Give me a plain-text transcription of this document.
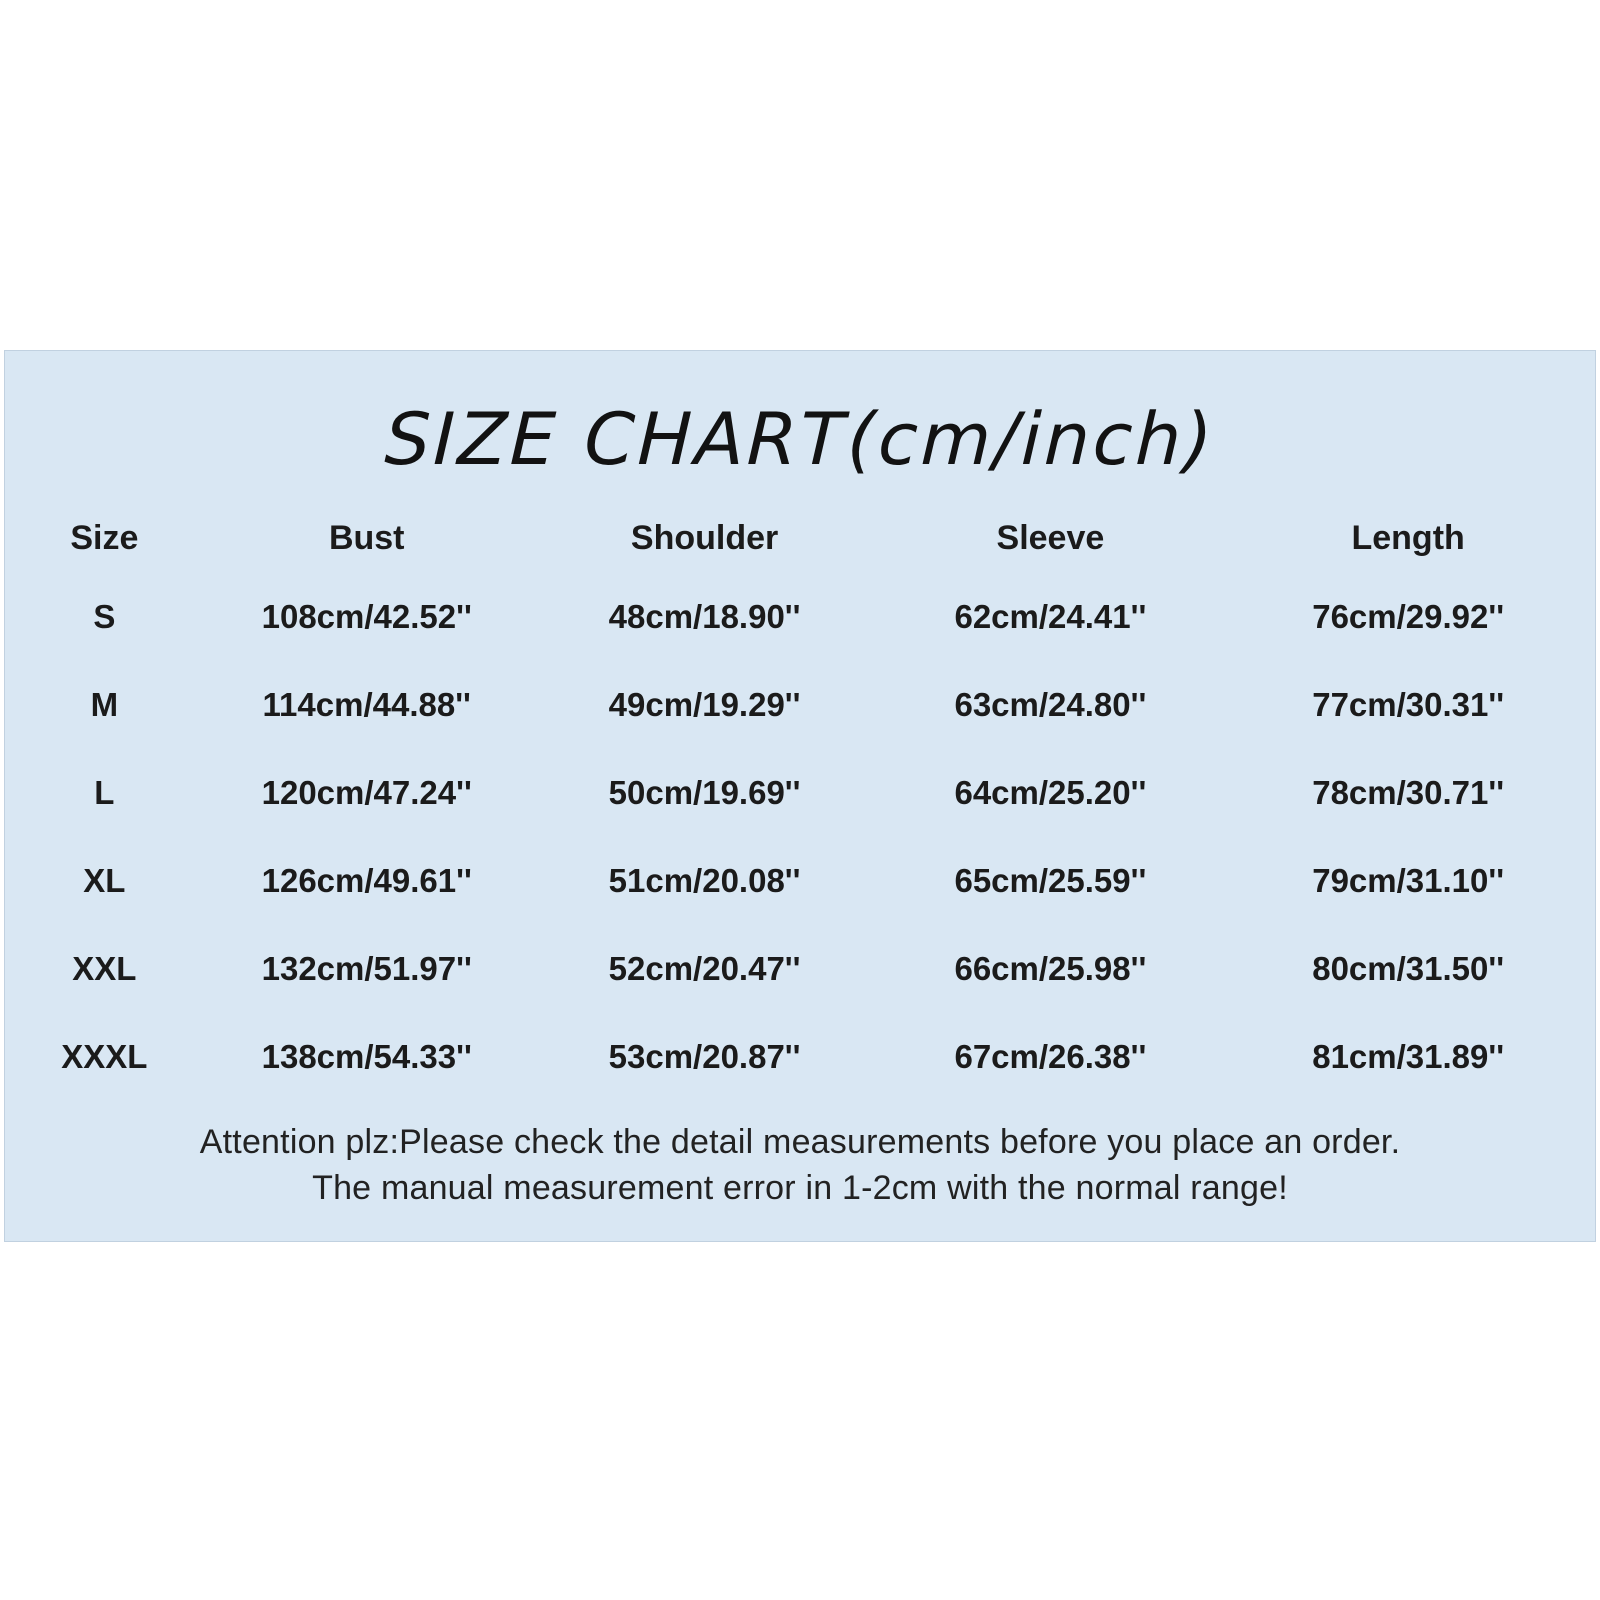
SIZE CHART(cm/inch)
Size	Bust	Shoulder	Sleeve	Length
S	108cm/42.52''	48cm/18.90''	62cm/24.41''	76cm/29.92''
M	114cm/44.88''	49cm/19.29''	63cm/24.80''	77cm/30.31''
L	120cm/47.24''	50cm/19.69''	64cm/25.20''	78cm/30.71''
XL	126cm/49.61''	51cm/20.08''	65cm/25.59''	79cm/31.10''
XXL	132cm/51.97''	52cm/20.47''	66cm/25.98''	80cm/31.50''
XXXL	138cm/54.33''	53cm/20.87''	67cm/26.38''	81cm/31.89''
Attention plz:Please check the detail measurements before you place an order.
The manual measurement error in 1-2cm with the normal range!
